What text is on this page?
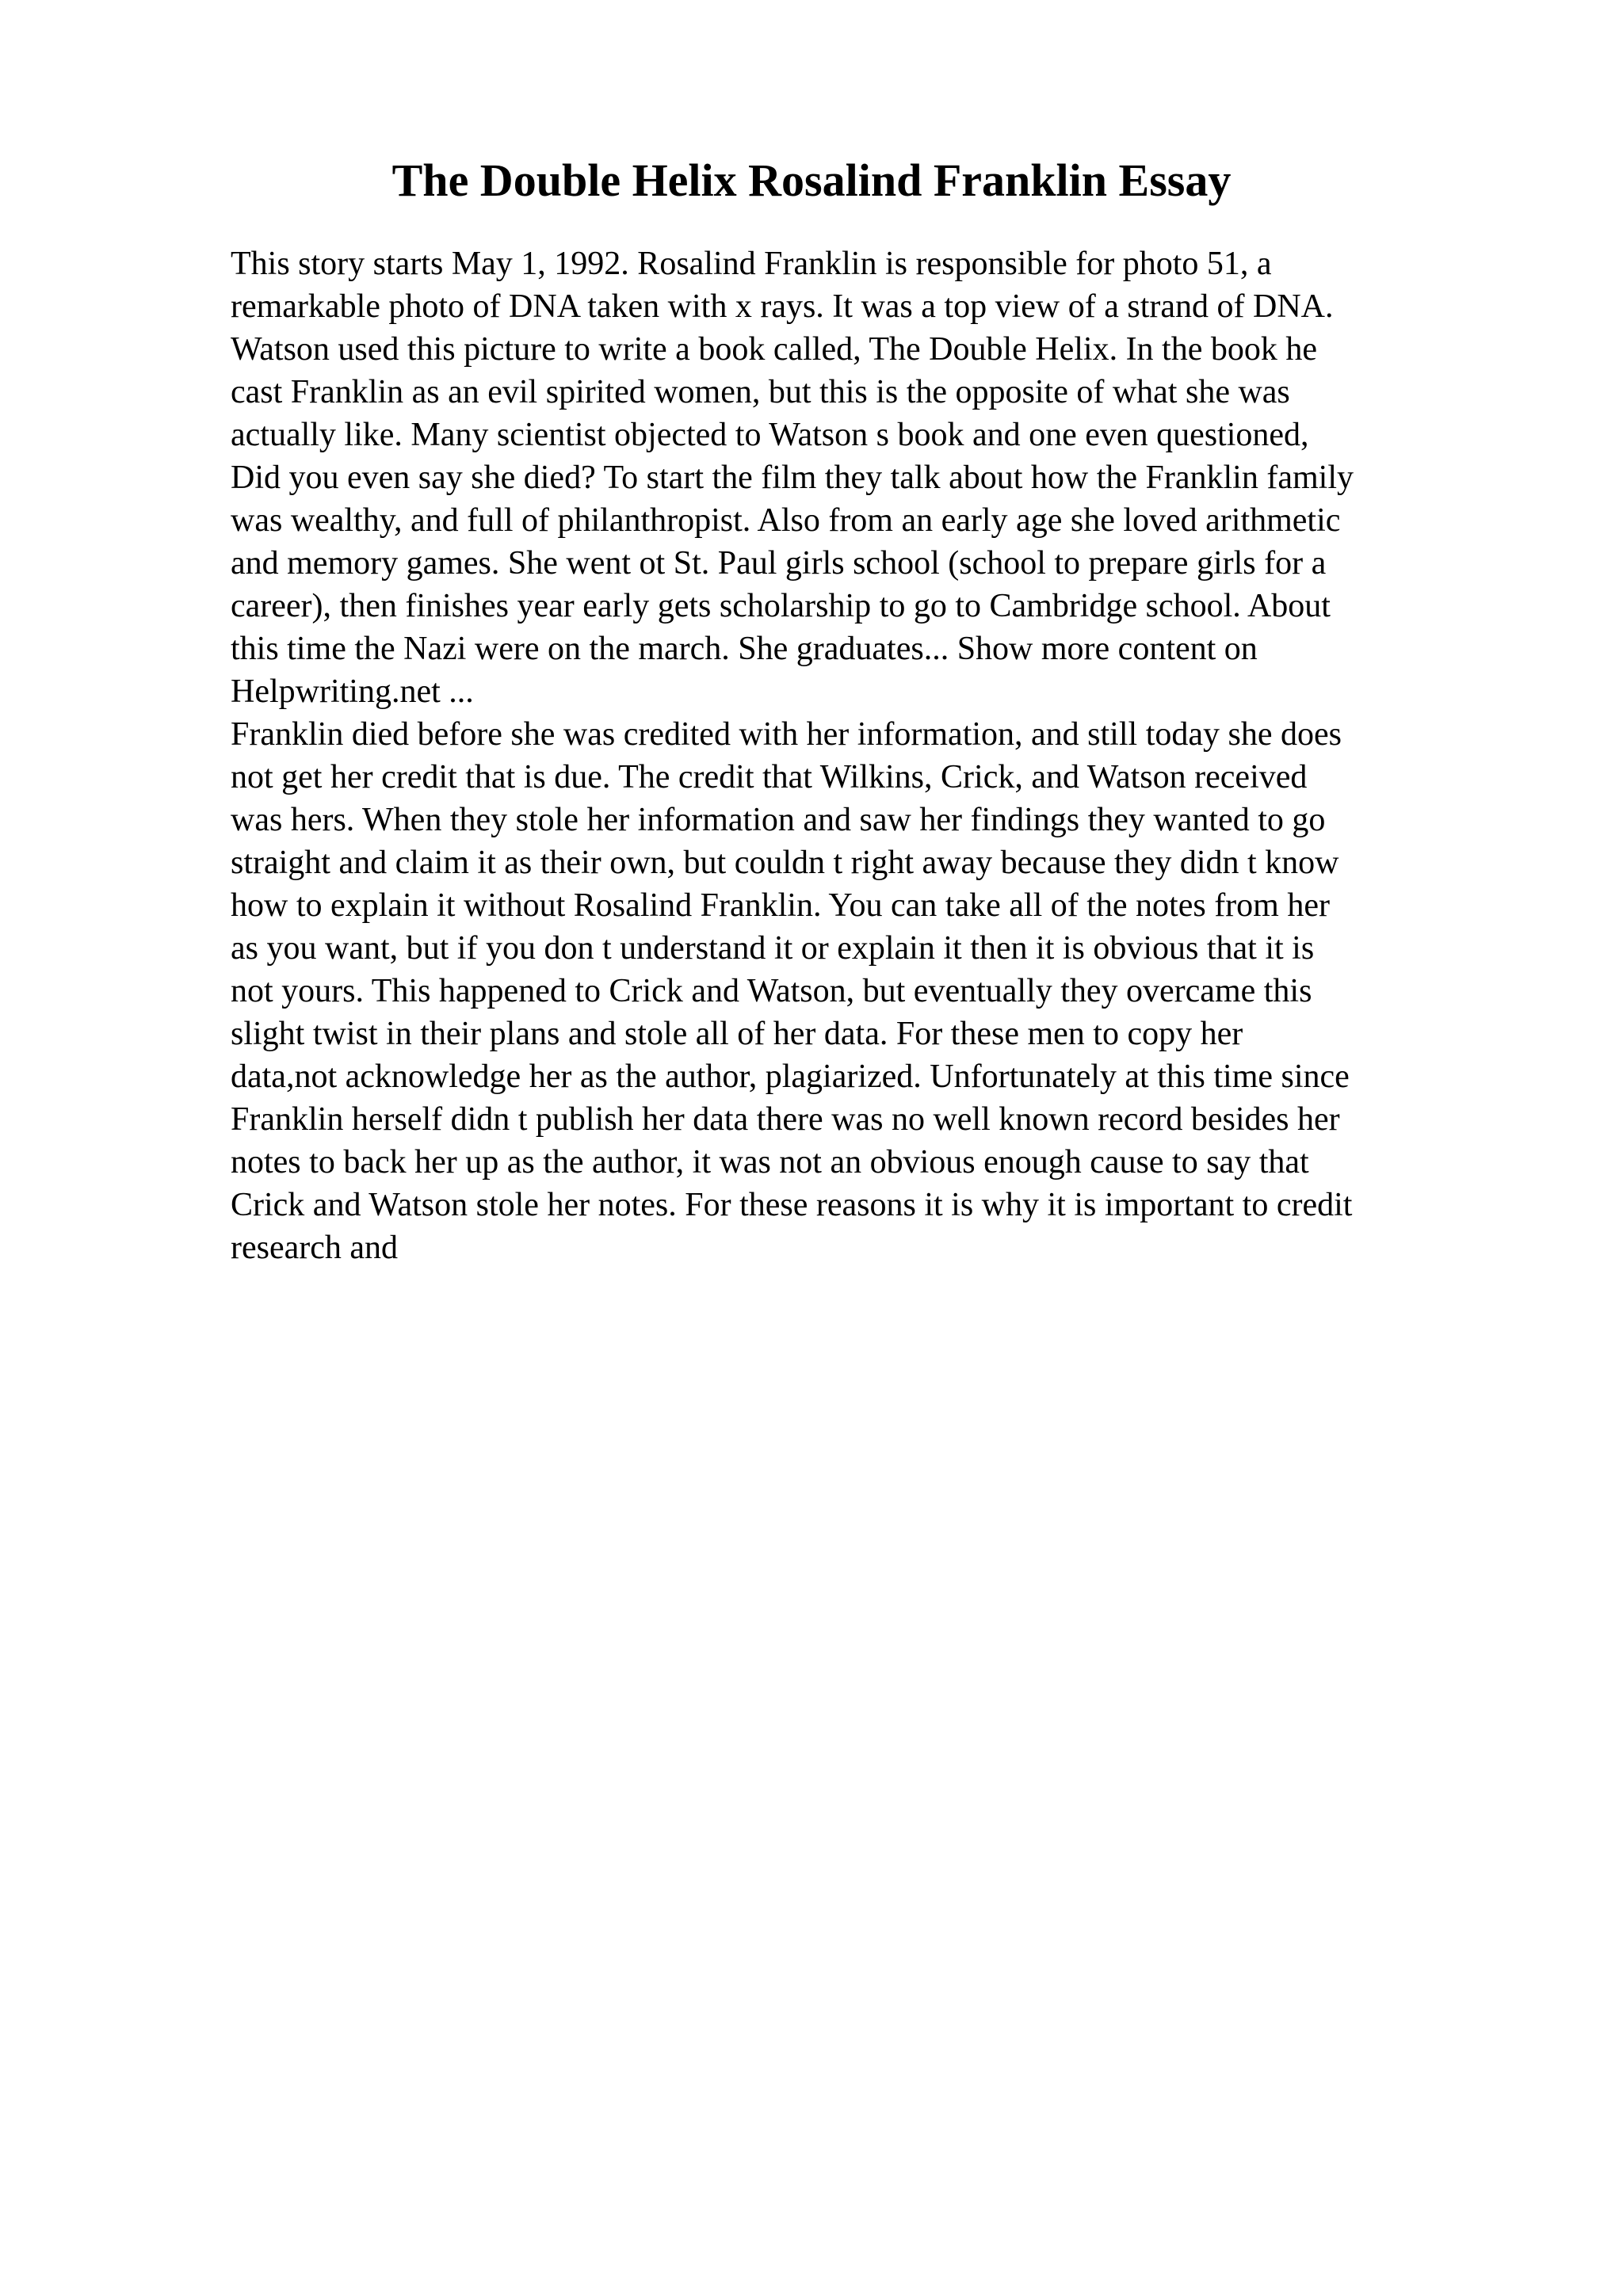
The Double Helix Rosalind Franklin Essay
This story starts May 1, 1992. Rosalind Franklin is responsible for photo 51, a
remarkable photo of DNA taken with x rays. It was a top view of a strand of DNA.
Watson used this picture to write a book called, The Double Helix. In the book he
cast Franklin as an evil spirited women, but this is the opposite of what she was
actually like. Many scientist objected to Watson s book and one even questioned,
Did you even say she died? To start the film they talk about how the Franklin family
was wealthy, and full of philanthropist. Also from an early age she loved arithmetic
and memory games. She went ot St. Paul girls school (school to prepare girls for a
career), then finishes year early gets scholarship to go to Cambridge school. About
this time the Nazi were on the march. She graduates... Show more content on
Helpwriting.net ...
Franklin died before she was credited with her information, and still today she does
not get her credit that is due. The credit that Wilkins, Crick, and Watson received
was hers. When they stole her information and saw her findings they wanted to go
straight and claim it as their own, but couldn t right away because they didn t know
how to explain it without Rosalind Franklin. You can take all of the notes from her
as you want, but if you don t understand it or explain it then it is obvious that it is
not yours. This happened to Crick and Watson, but eventually they overcame this
slight twist in their plans and stole all of her data. For these men to copy her
data,not acknowledge her as the author, plagiarized. Unfortunately at this time since
Franklin herself didn t publish her data there was no well known record besides her
notes to back her up as the author, it was not an obvious enough cause to say that
Crick and Watson stole her notes. For these reasons it is why it is important to credit
research and
